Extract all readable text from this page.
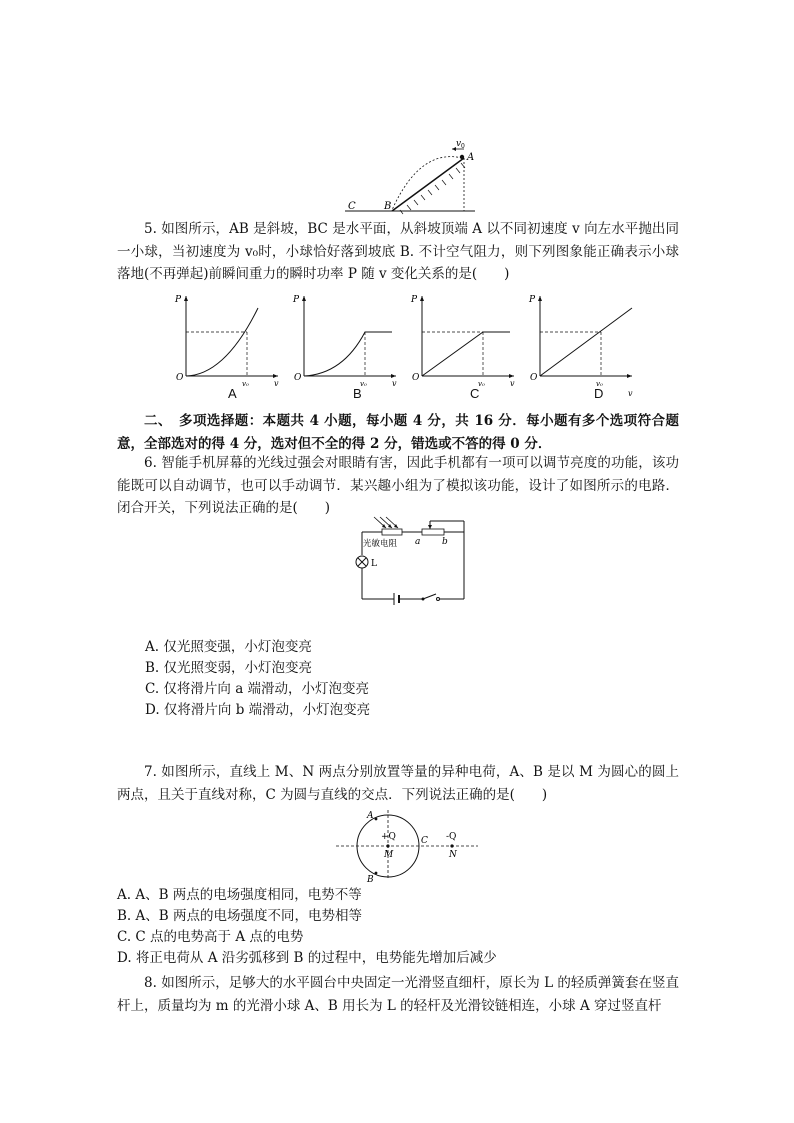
C	B
A
v 0
5. 如图所示，AB 是斜坡，BC 是水平面，从斜坡顶端 A 以不同初速度 v 向左水平抛出同一小球，当初速度为 v₀时，小球恰好落到坡底 B. 不计空气阻力，则下列图象能正确表示小球落地(不再弹起)前瞬间重力的瞬时功率 P 随 v 变化关系的是(　　)
P
O
v
v₀
P
O
v
v₀
P
O
v
v₀
P
O
v
v₀
A	B	C	D
二、　多项选择题：本题共 4 小题，每小题 4 分，共 16 分．每小题有多个选项符合题意，全部选对的得 4 分，选对但不全的得 2 分，错选或不答的得 0 分．
6. 智能手机屏幕的光线过强会对眼睛有害，因此手机都有一项可以调节亮度的功能，该功能既可以自动调节，也可以手动调节．某兴趣小组为了模拟该功能，设计了如图所示的电路．闭合开关，下列说法正确的是(　　)
光敏电阻 a b
L
A. 仅光照变强，小灯泡变亮
B. 仅光照变弱，小灯泡变亮
C. 仅将滑片向 a 端滑动，小灯泡变亮
D. 仅将滑片向 b 端滑动，小灯泡变亮
7. 如图所示，直线上 M、N 两点分别放置等量的异种电荷，A、B 是以 M 为圆心的圆上两点，且关于直线对称，C 为圆与直线的交点．下列说法正确的是(　　)
A
B
C
+Q	-Q
M	N
A. A、B 两点的电场强度相同，电势不等
B. A、B 两点的电场强度不同，电势相等
C. C 点的电势高于 A 点的电势
D. 将正电荷从 A 沿劣弧移到 B 的过程中，电势能先增加后减少
8. 如图所示，足够大的水平圆台中央固定一光滑竖直细杆，原长为 L 的轻质弹簧套在竖直杆上，质量均为 m 的光滑小球 A、B 用长为 L 的轻杆及光滑铰链相连，小球 A 穿过竖直杆
